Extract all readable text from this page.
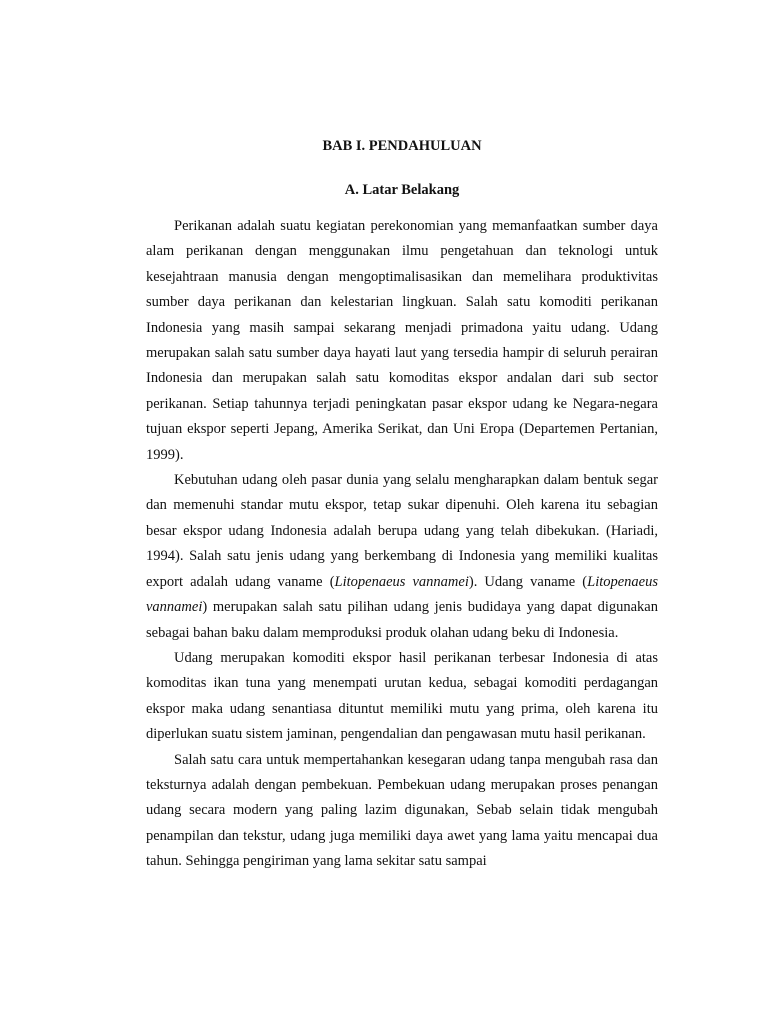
BAB I. PENDAHULUAN
A. Latar Belakang

Perikanan adalah suatu kegiatan perekonomian yang memanfaatkan sumber daya alam perikanan dengan menggunakan ilmu pengetahuan dan teknologi untuk kesejahtraan manusia dengan mengoptimalisasikan dan memelihara produktivitas sumber daya perikanan dan kelestarian lingkuan. Salah satu komoditi perikanan Indonesia yang masih sampai sekarang menjadi primadona yaitu udang. Udang merupakan salah satu sumber daya hayati laut yang tersedia hampir di seluruh perairan Indonesia dan merupakan salah satu komoditas ekspor andalan dari sub sector perikanan. Setiap tahunnya terjadi peningkatan pasar ekspor udang ke Negara-negara tujuan ekspor seperti Jepang, Amerika Serikat, dan Uni Eropa (Departemen Pertanian, 1999).

Kebutuhan udang oleh pasar dunia yang selalu mengharapkan dalam bentuk segar dan memenuhi standar mutu ekspor, tetap sukar dipenuhi. Oleh karena itu sebagian besar ekspor udang Indonesia adalah berupa udang yang telah dibekukan. (Hariadi, 1994). Salah satu jenis udang yang berkembang di Indonesia yang memiliki kualitas export adalah udang vaname (Litopenaeus vannamei). Udang vaname (Litopenaeus vannamei) merupakan salah satu pilihan udang jenis budidaya yang dapat digunakan sebagai bahan baku dalam memproduksi produk olahan udang beku di Indonesia.

Udang merupakan komoditi ekspor hasil perikanan terbesar Indonesia di atas komoditas ikan tuna yang menempati urutan kedua, sebagai komoditi perdagangan ekspor maka udang senantiasa dituntut memiliki mutu yang prima, oleh karena itu diperlukan suatu sistem jaminan, pengendalian dan pengawasan mutu hasil perikanan.

Salah satu cara untuk mempertahankan kesegaran udang tanpa mengubah rasa dan teksturnya adalah dengan pembekuan. Pembekuan udang merupakan proses penangan udang secara modern yang paling lazim digunakan, Sebab selain tidak mengubah penampilan dan tekstur, udang juga memiliki daya awet yang lama yaitu mencapai dua tahun. Sehingga pengiriman yang lama sekitar satu sampai
